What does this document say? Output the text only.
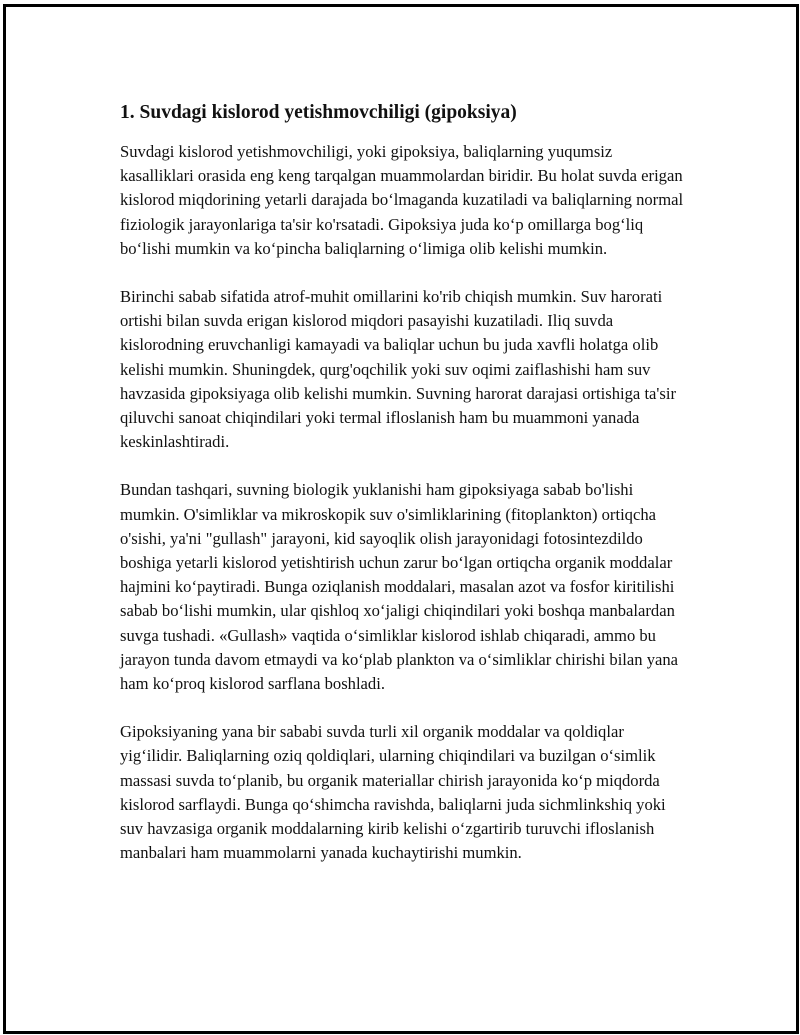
1. Suvdagi kislorod yetishmovchiligi (gipoksiya)

Suvdagi kislorod yetishmovchiligi, yoki gipoksiya, baliqlarning yuqumsiz kasalliklari orasida eng keng tarqalgan muammolardan biridir. Bu holat suvda erigan kislorod miqdorining yetarli darajada boʻlmaganda kuzatiladi va baliqlarning normal fiziologik jarayonlariga ta'sir ko'rsatadi. Gipoksiya juda koʻp omillarga bogʻliq boʻlishi mumkin va koʻpincha baliqlarning oʻlimiga olib kelishi mumkin.

Birinchi sabab sifatida atrof-muhit omillarini ko'rib chiqish mumkin. Suv harorati ortishi bilan suvda erigan kislorod miqdori pasayishi kuzatiladi. Iliq suvda kislorodning eruvchanligi kamayadi va baliqlar uchun bu juda xavfli holatga olib kelishi mumkin. Shuningdek, qurg'oqchilik yoki suv oqimi zaiflashishi ham suv havzasida gipoksiyaga olib kelishi mumkin. Suvning harorat darajasi ortishiga ta'sir qiluvchi sanoat chiqindilari yoki termal ifloslanish ham bu muammoni yanada keskinlashtiradi.

Bundan tashqari, suvning biologik yuklanishi ham gipoksiyaga sabab bo'lishi mumkin. O'simliklar va mikroskopik suv o'simliklarining (fitoplankton) ortiqcha o'sishi, ya'ni "gullash" jarayoni, kid sayoqlik olish jarayonidagi fotosintezdildo boshiga yetarli kislorod yetishtirish uchun zarur boʻlgan ortiqcha organik moddalar hajmini koʻpaytiradi. Bunga oziqlanish moddalari, masalan azot va fosfor kiritilishi sabab boʻlishi mumkin, ular qishloq xoʻjaligi chiqindilari yoki boshqa manbalardan suvga tushadi. «Gullash» vaqtida oʻsimliklar kislorod ishlab chiqaradi, ammo bu jarayon tunda davom etmaydi va koʻplab plankton va oʻsimliklar chirishi bilan yana ham koʻproq kislorod sarflana boshladi.

Gipoksiyaning yana bir sababi suvda turli xil organik moddalar va qoldiqlar yigʻilidir. Baliqlarning oziq qoldiqlari, ularning chiqindilari va buzilgan oʻsimlik massasi suvda toʻplanib, bu organik materiallar chirish jarayonida koʻp miqdorda kislorod sarflaydi. Bunga qoʻshimcha ravishda, baliqlarni juda sichmlinkshiq yoki suv havzasiga organik moddalarning kirib kelishi oʻzgartirib turuvchi ifloslanish manbalari ham muammolarni yanada kuchaytirishi mumkin.
